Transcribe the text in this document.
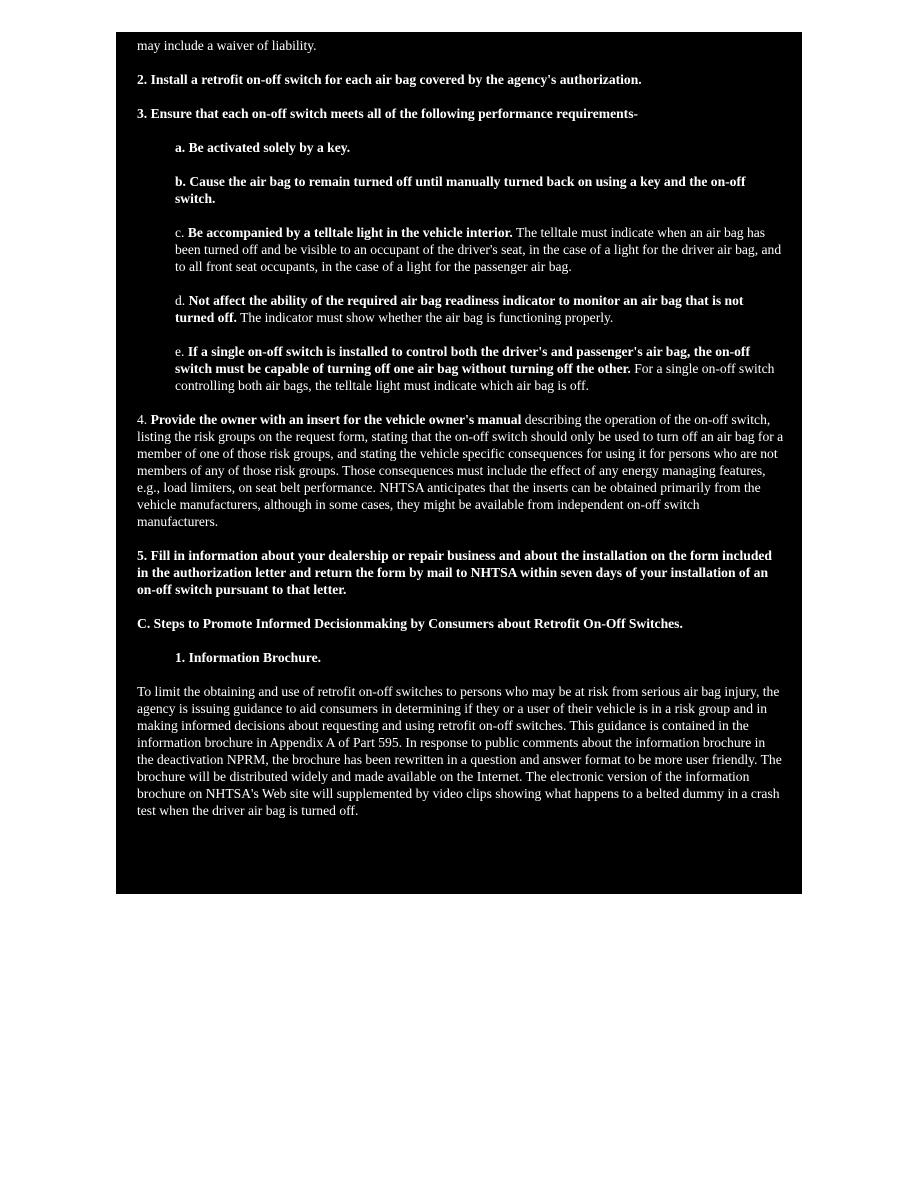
may include a waiver of liability.

2. Install a retrofit on-off switch for each air bag covered by the agency's authorization.

3. Ensure that each on-off switch meets all of the following performance requirements-

a. Be activated solely by a key.

b. Cause the air bag to remain turned off until manually turned back on using a key and the on-off switch.

c. Be accompanied by a telltale light in the vehicle interior. The telltale must indicate when an air bag has been turned off and be visible to an occupant of the driver's seat, in the case of a light for the driver air bag, and to all front seat occupants, in the case of a light for the passenger air bag.

d. Not affect the ability of the required air bag readiness indicator to monitor an air bag that is not turned off. The indicator must show whether the air bag is functioning properly.

e. If a single on-off switch is installed to control both the driver's and passenger's air bag, the on-off switch must be capable of turning off one air bag without turning off the other. For a single on-off switch controlling both air bags, the telltale light must indicate which air bag is off.

4. Provide the owner with an insert for the vehicle owner's manual describing the operation of the on-off switch, listing the risk groups on the request form, stating that the on-off switch should only be used to turn off an air bag for a member of one of those risk groups, and stating the vehicle specific consequences for using it for persons who are not members of any of those risk groups. Those consequences must include the effect of any energy managing features, e.g., load limiters, on seat belt performance. NHTSA anticipates that the inserts can be obtained primarily from the vehicle manufacturers, although in some cases, they might be available from independent on-off switch manufacturers.

5. Fill in information about your dealership or repair business and about the installation on the form included in the authorization letter and return the form by mail to NHTSA within seven days of your installation of an on-off switch pursuant to that letter.

C. Steps to Promote Informed Decisionmaking by Consumers about Retrofit On-Off Switches.

1. Information Brochure.

To limit the obtaining and use of retrofit on-off switches to persons who may be at risk from serious air bag injury, the agency is issuing guidance to aid consumers in determining if they or a user of their vehicle is in a risk group and in making informed decisions about requesting and using retrofit on-off switches. This guidance is contained in the information brochure in Appendix A of Part 595. In response to public comments about the information brochure in the deactivation NPRM, the brochure has been rewritten in a question and answer format to be more user friendly. The brochure will be distributed widely and made available on the Internet. The electronic version of the information brochure on NHTSA's Web site will supplemented by video clips showing what happens to a belted dummy in a crash test when the driver air bag is turned off.
